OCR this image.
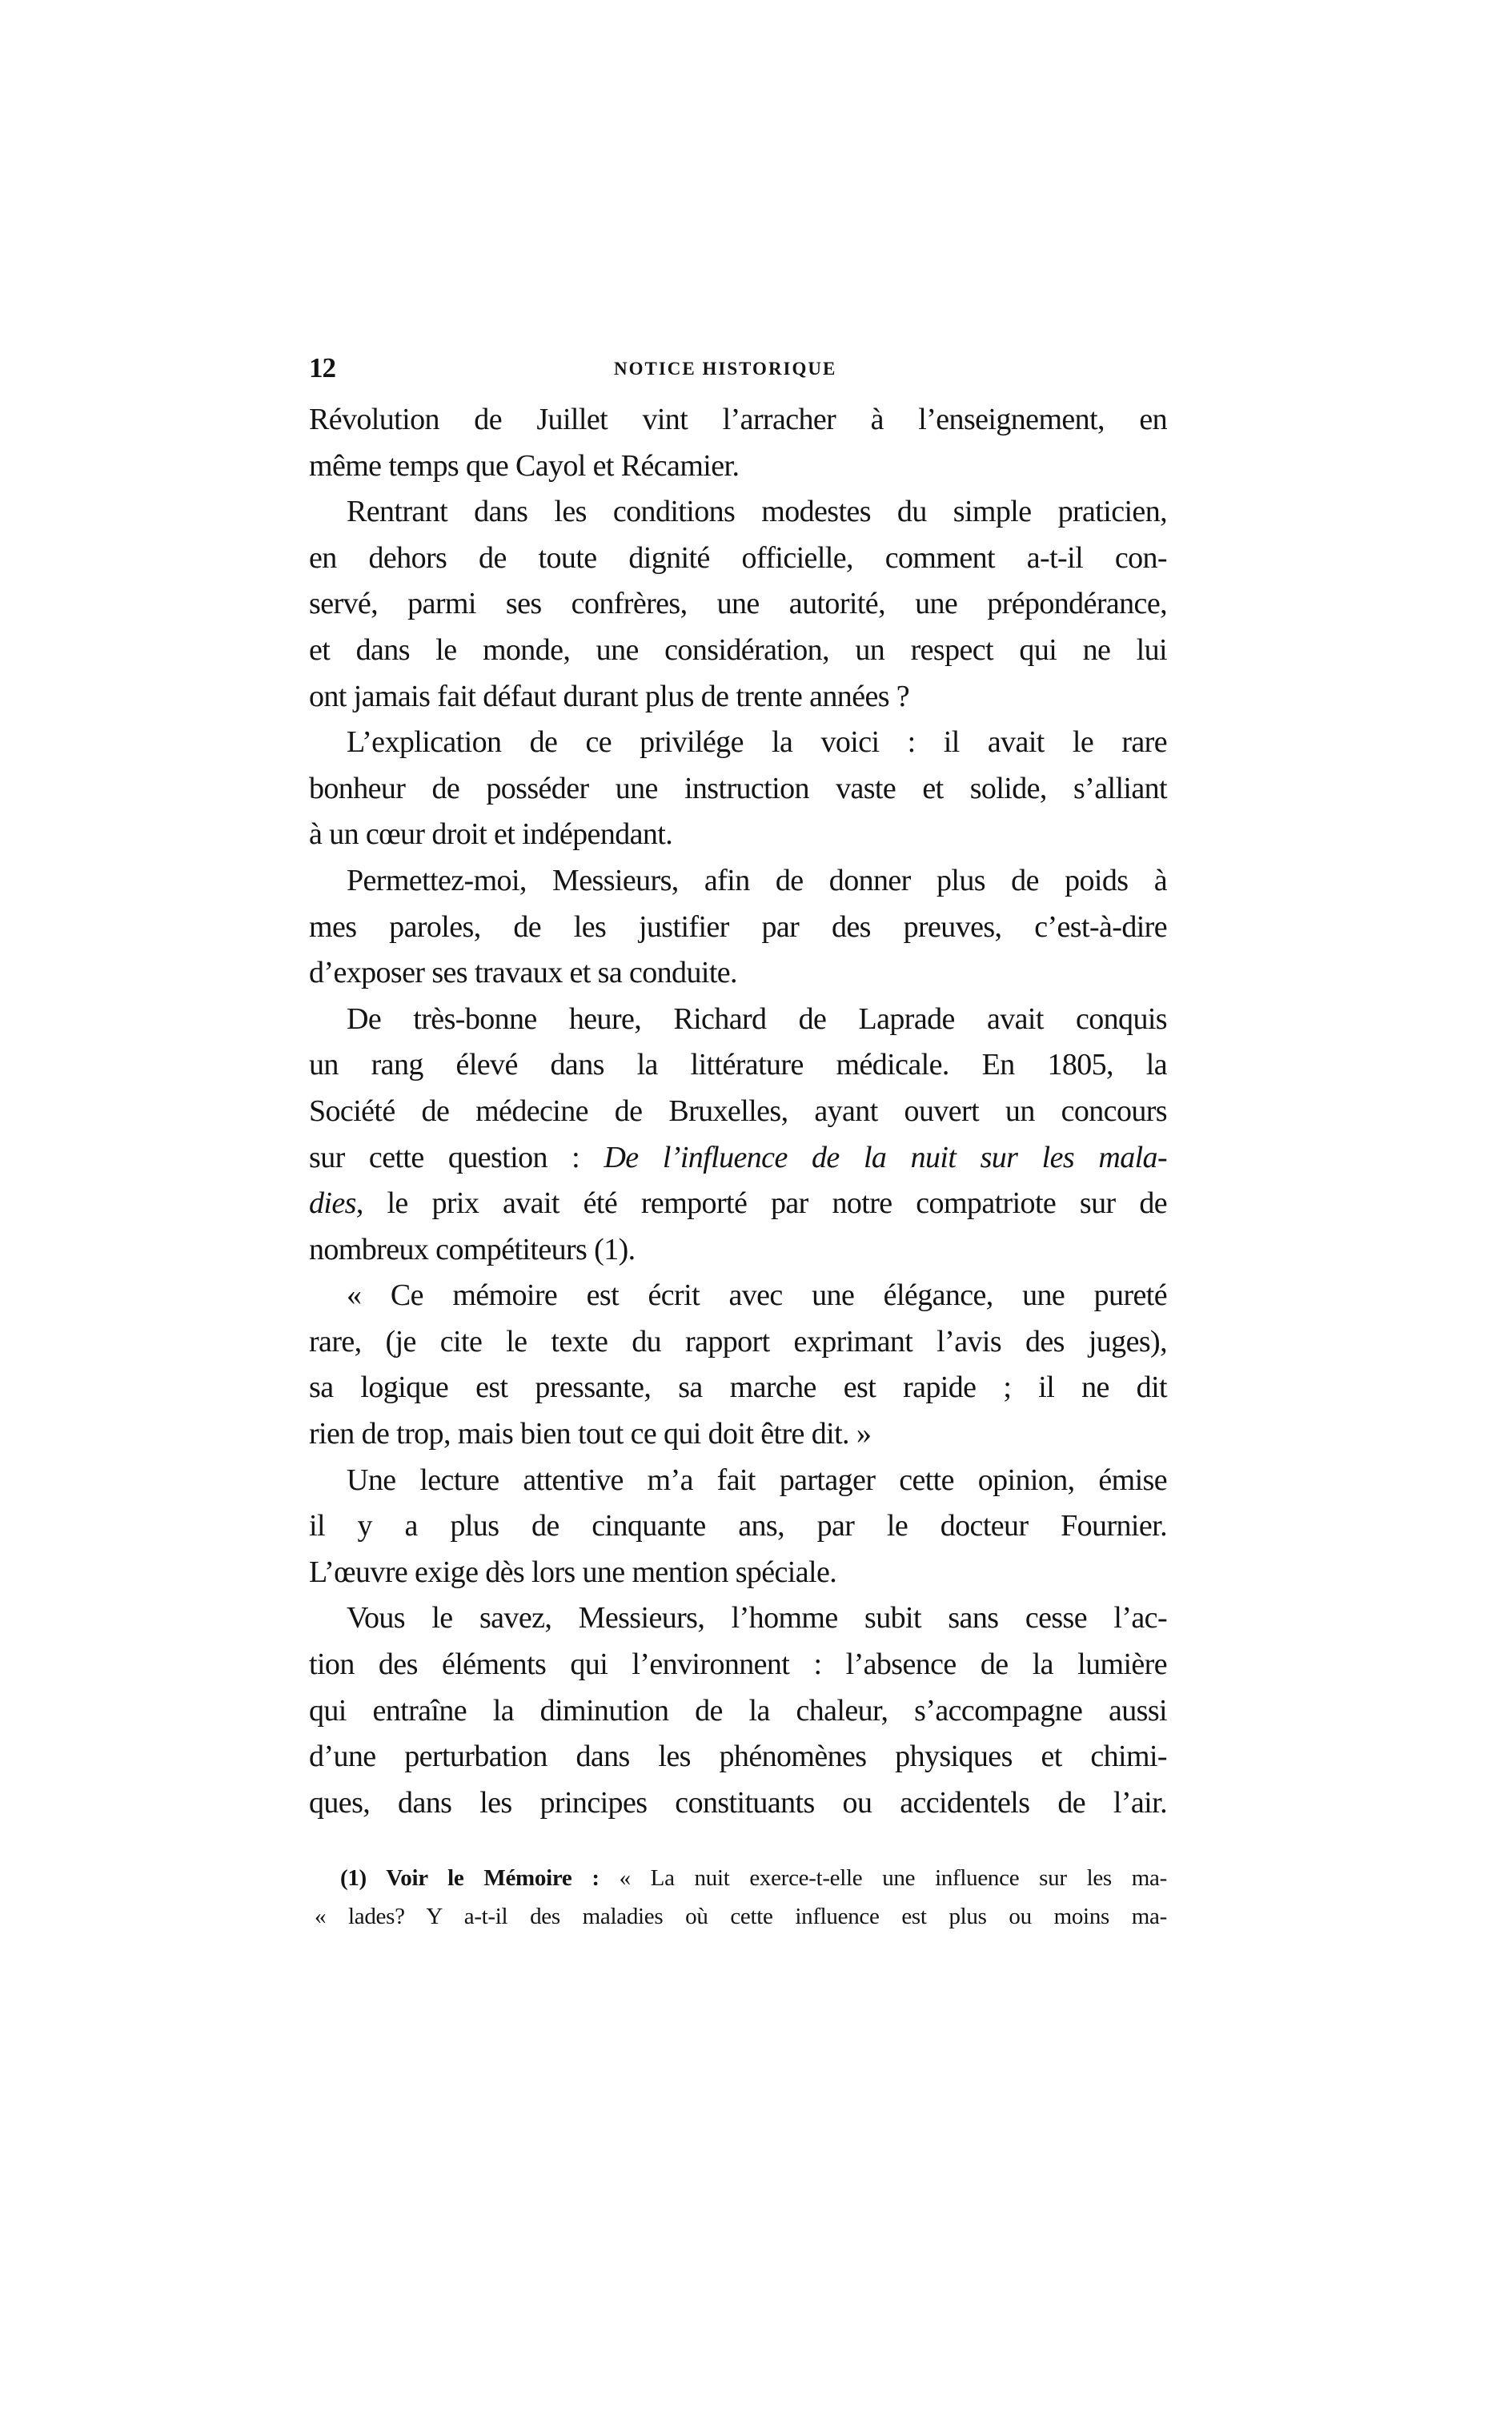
12	NOTICE HISTORIQUE
Révolution de Juillet vint l’arracher à l’enseignement, en
même temps que Cayol et Récamier.
Rentrant dans les conditions modestes du simple praticien,
en dehors de toute dignité officielle, comment a-t-il con-
servé, parmi ses confrères, une autorité, une prépondérance,
et dans le monde, une considération, un respect qui ne lui
ont jamais fait défaut durant plus de trente années ?
L’explication de ce privilége la voici : il avait le rare
bonheur de posséder une instruction vaste et solide, s’alliant
à un cœur droit et indépendant.
Permettez-moi, Messieurs, afin de donner plus de poids à
mes paroles, de les justifier par des preuves, c’est-à-dire
d’exposer ses travaux et sa conduite.
De très-bonne heure, Richard de Laprade avait conquis
un rang élevé dans la littérature médicale. En 1805, la
Société de médecine de Bruxelles, ayant ouvert un concours
sur cette question : De l’influence de la nuit sur les mala-
dies, le prix avait été remporté par notre compatriote sur de
nombreux compétiteurs (1).
« Ce mémoire est écrit avec une élégance, une pureté
rare, (je cite le texte du rapport exprimant l’avis des juges),
sa logique est pressante, sa marche est rapide ; il ne dit
rien de trop, mais bien tout ce qui doit être dit. »
Une lecture attentive m’a fait partager cette opinion, émise
il y a plus de cinquante ans, par le docteur Fournier.
L’œuvre exige dès lors une mention spéciale.
Vous le savez, Messieurs, l’homme subit sans cesse l’ac-
tion des éléments qui l’environnent : l’absence de la lumière
qui entraîne la diminution de la chaleur, s’accompagne aussi
d’une perturbation dans les phénomènes physiques et chimi-
ques, dans les principes constituants ou accidentels de l’air.
(1) Voir le Mémoire : « La nuit exerce-t-elle une influence sur les ma-
« lades? Y a-t-il des maladies où cette influence est plus ou moins ma-
